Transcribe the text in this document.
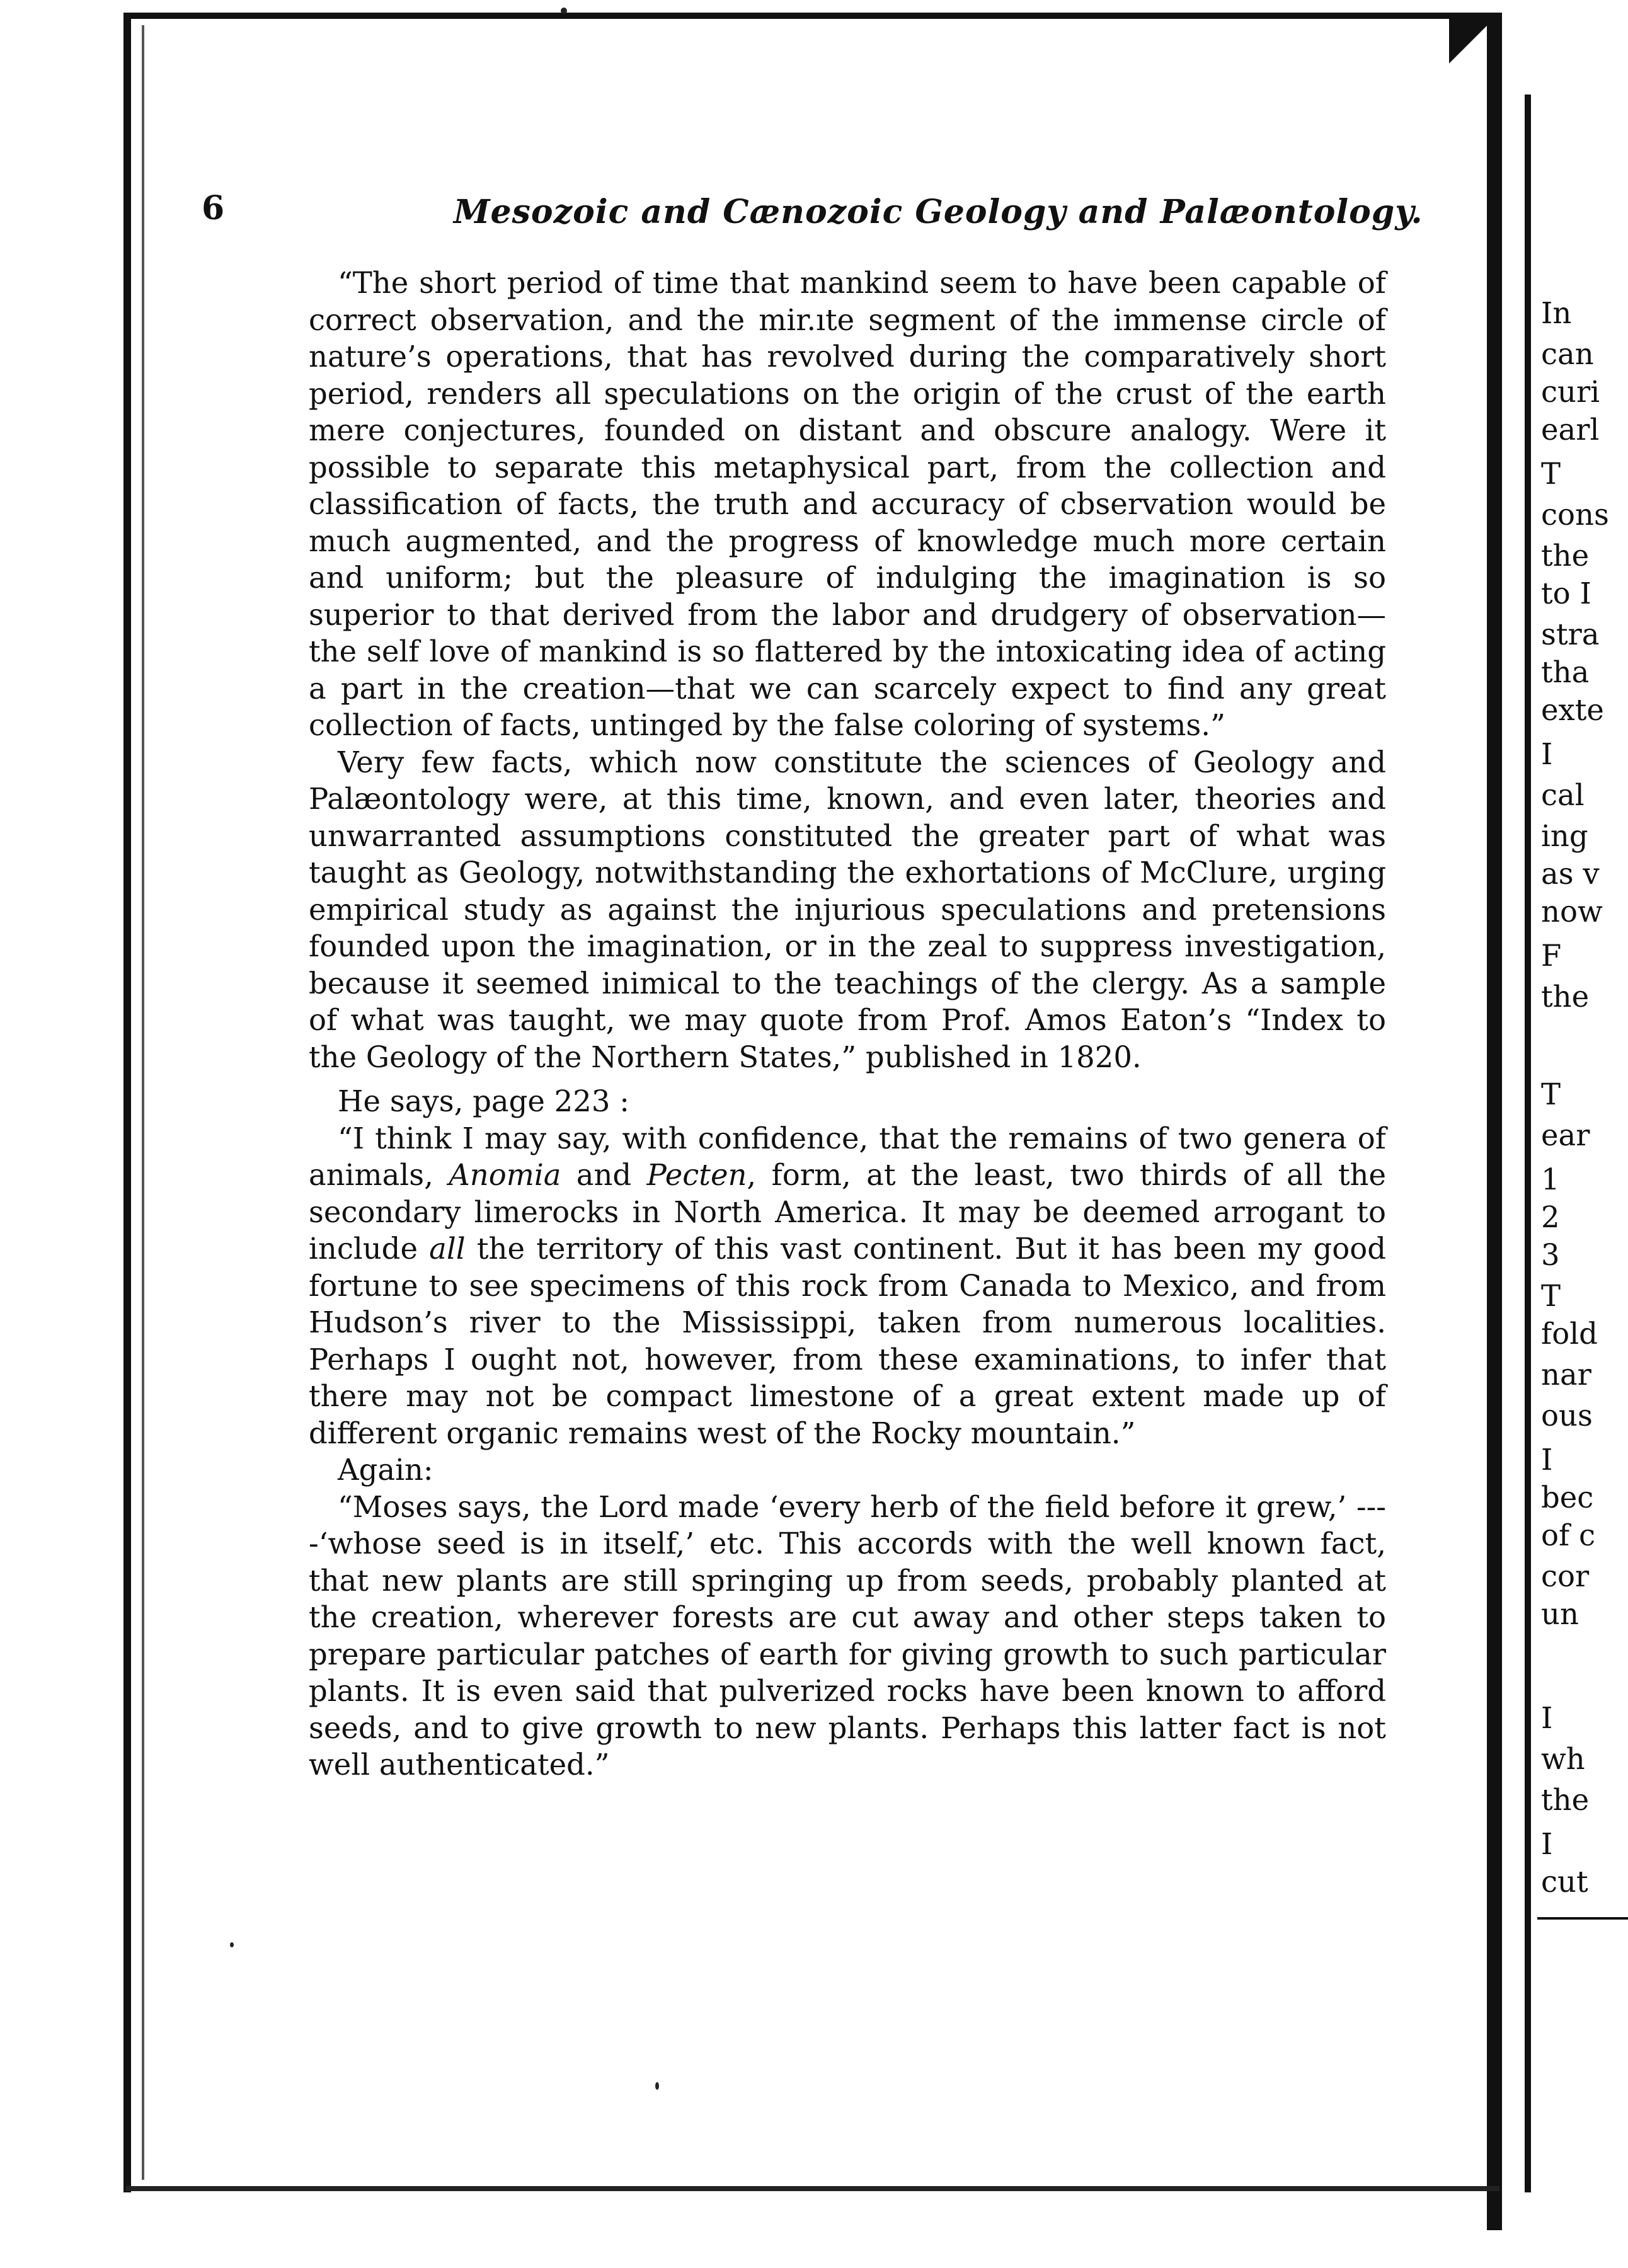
6	Mesozoic and Cænozoic Geology and Palæontology.

“The short period of time that mankind seem to have been capable of correct observation, and the mir.ıte segment of the immense circle of nature’s operations, that has revolved during the comparatively short period, renders all speculations on the origin of the crust of the earth mere conjectures, founded on distant and obscure analogy. Were it possible to separate this metaphysical part, from the collection and classification of facts, the truth and accuracy of cbservation would be much augmented, and the progress of knowledge much more certain and uniform; but the pleasure of indulging the imagination is so superior to that derived from the labor and drudgery of observation—the self love of mankind is so flattered by the intoxicating idea of acting a part in the creation—that we can scarcely expect to find any great collection of facts, untinged by the false coloring of systems.”

Very few facts, which now constitute the sciences of Geology and Palæontology were, at this time, known, and even later, theories and unwarranted assumptions constituted the greater part of what was taught as Geology, notwithstanding the exhortations of McClure, urging empirical study as against the injurious speculations and pretensions founded upon the imagination, or in the zeal to suppress investigation, because it seemed inimical to the teachings of the clergy. As a sample of what was taught, we may quote from Prof. Amos Eaton’s “Index to the Geology of the Northern States,” published in 1820.

He says, page 223 :

“I think I may say, with confidence, that the remains of two genera of animals, Anomia and Pecten, form, at the least, two thirds of all the secondary limerocks in North America. It may be deemed arrogant to include all the territory of this vast continent. But it has been my good fortune to see specimens of this rock from Canada to Mexico, and from Hudson’s river to the Mississippi, taken from numerous localities. Perhaps I ought not, however, from these examinations, to infer that there may not be compact limestone of a great extent made up of different organic remains west of the Rocky mountain.”

Again:

“Moses says, the Lord made ‘every herb of the field before it grew,’ ----‘whose seed is in itself,’ etc. This accords with the well known fact, that new plants are still springing up from seeds, probably planted at the creation, wherever forests are cut away and other steps taken to prepare particular patches of earth for giving growth to such particular plants. It is even said that pulverized rocks have been known to afford seeds, and to give growth to new plants. Perhaps this latter fact is not well authenticated.”

In
can
curi
earl
T
cons
the
to I
stra
tha
exte
I
cal
ing
as v
now
F
the
T
ear
1
2
3
T
fold
nar
ous
I
bec
of c
cor
un
I
wh
the
I
cut
